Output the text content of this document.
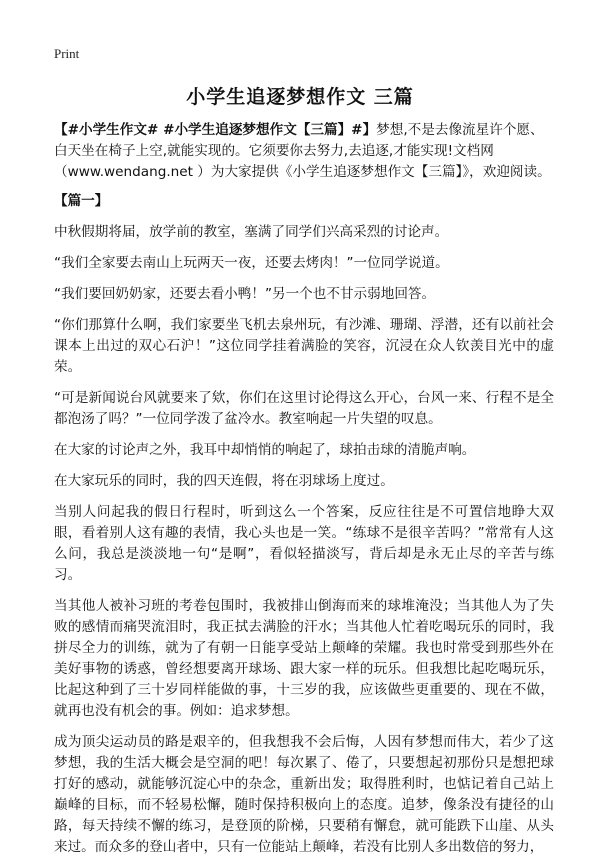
Print
小学生追逐梦想作文 三篇

【#小学生作文# #小学生追逐梦想作文【三篇】#】梦想,不是去像流星许个愿、白天坐在椅子上空,就能实现的。它须要你去努力,去追逐,才能实现!文档网（www.wendang.net ）为大家提供《小学生追逐梦想作文【三篇】》，欢迎阅读。

【篇一】

中秋假期将届，放学前的教室，塞满了同学们兴高采烈的讨论声。

“我们全家要去南山上玩两天一夜，还要去烤肉！”一位同学说道。

“我们要回奶奶家，还要去看小鸭！”另一个也不甘示弱地回答。

“你们那算什么啊，我们家要坐飞机去泉州玩，有沙滩、珊瑚、浮潜，还有以前社会课本上出过的双心石沪！”这位同学挂着满脸的笑容，沉浸在众人钦羡目光中的虚荣。

“可是新闻说台风就要来了欸，你们在这里讨论得这么开心，台风一来、行程不是全都泡汤了吗？”一位同学泼了盆冷水。教室响起一片失望的叹息。

在大家的讨论声之外，我耳中却悄悄的响起了，球拍击球的清脆声响。

在大家玩乐的同时，我的四天连假，将在羽球场上度过。

当别人问起我的假日行程时，听到这么一个答案，反应往往是不可置信地睁大双眼，看着别人这有趣的表情，我心头也是一笑。“练球不是很辛苦吗？”常常有人这么问，我总是淡淡地一句“是啊”，看似轻描淡写，背后却是永无止尽的辛苦与练习。

当其他人被补习班的考卷包围时，我被排山倒海而来的球堆淹没；当其他人为了失败的感情而痛哭流泪时，我正拭去满脸的汗水；当其他人忙着吃喝玩乐的同时，我拼尽全力的训练，就为了有朝一日能享受站上颠峰的荣耀。我也时常受到那些外在美好事物的诱惑，曾经想要离开球场、跟大家一样的玩乐。但我想比起吃喝玩乐，比起这种到了三十岁同样能做的事，十三岁的我，应该做些更重要的、现在不做，就再也没有机会的事。例如：追求梦想。

成为顶尖运动员的路是艰辛的，但我想我不会后悔，人因有梦想而伟大，若少了这梦想，我的生活大概会是空洞的吧！每次累了、倦了，只要想起初那份只是想把球打好的感动，就能够沉淀心中的杂念，重新出发；取得胜利时，也惦记着自己站上巅峰的目标，而不轻易松懈，随时保持积极向上的态度。追梦，像条没有捷径的山路，每天持续不懈的练习，是登顶的阶梯，只要稍有懈怠，就可能跌下山崖、从头来过。而众多的登山者中，只有一位能站上颠峰，若没有比别人多出数倍的努力，
